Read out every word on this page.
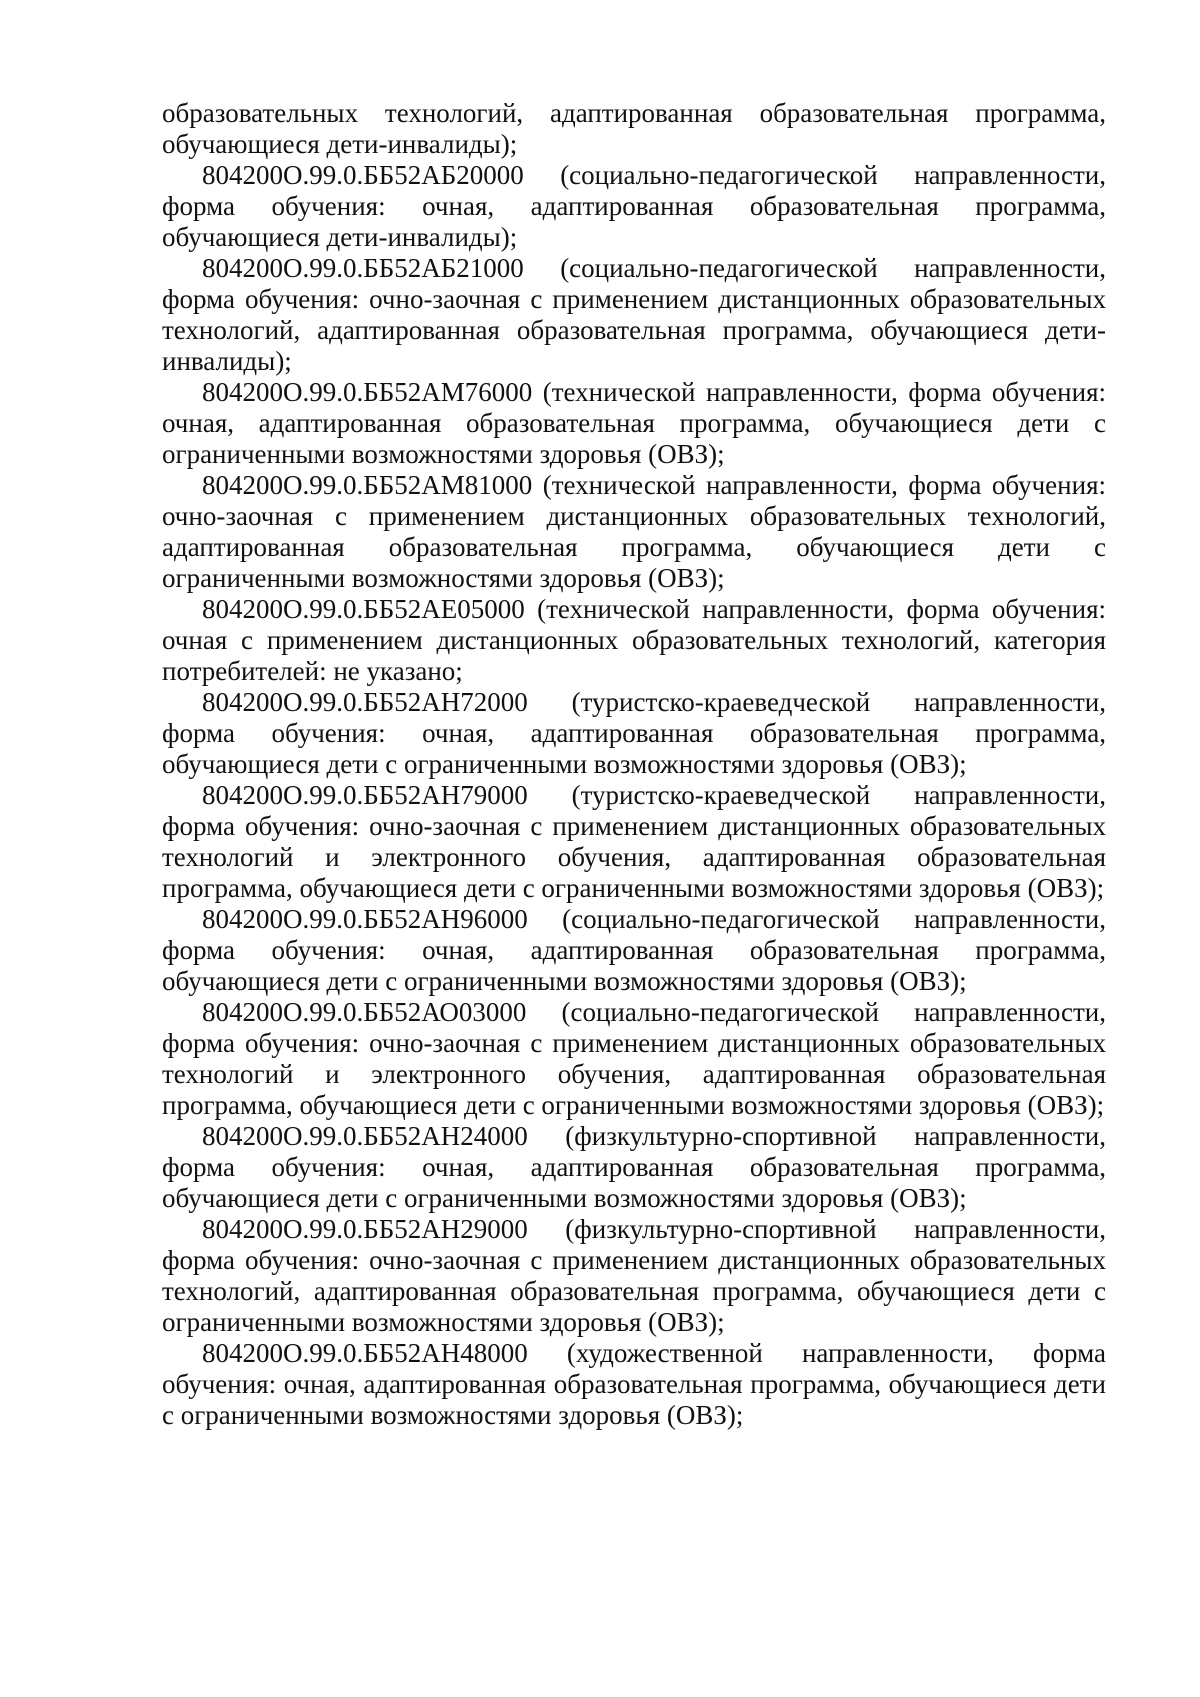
образовательных технологий, адаптированная образовательная программа, обучающиеся дети-инвалиды);

804200О.99.0.ББ52АБ20000 (социально-педагогической направленности, форма обучения: очная, адаптированная образовательная программа, обучающиеся дети-инвалиды);

804200О.99.0.ББ52АБ21000 (социально-педагогической направленности, форма обучения: очно-заочная с применением дистанционных образовательных технологий, адаптированная образовательная программа, обучающиеся дети-инвалиды);

804200О.99.0.ББ52АМ76000 (технической направленности, форма обучения: очная, адаптированная образовательная программа, обучающиеся дети с ограниченными возможностями здоровья (ОВЗ);

804200О.99.0.ББ52АМ81000 (технической направленности, форма обучения: очно-заочная с применением дистанционных образовательных технологий, адаптированная образовательная программа, обучающиеся дети с ограниченными возможностями здоровья (ОВЗ);

804200О.99.0.ББ52АЕ05000 (технической направленности, форма обучения: очная с применением дистанционных образовательных технологий, категория потребителей: не указано;

804200О.99.0.ББ52АН72000 (туристско-краеведческой направленности, форма обучения: очная, адаптированная образовательная программа, обучающиеся дети с ограниченными возможностями здоровья (ОВЗ);

804200О.99.0.ББ52АН79000 (туристско-краеведческой направленности, форма обучения: очно-заочная с применением дистанционных образовательных технологий и электронного обучения, адаптированная образовательная программа, обучающиеся дети с ограниченными возможностями здоровья (ОВЗ);

804200О.99.0.ББ52АН96000 (социально-педагогической направленности, форма обучения: очная, адаптированная образовательная программа, обучающиеся дети с ограниченными возможностями здоровья (ОВЗ);

804200О.99.0.ББ52АО03000 (социально-педагогической направленности, форма обучения: очно-заочная с применением дистанционных образовательных технологий и электронного обучения, адаптированная образовательная программа, обучающиеся дети с ограниченными возможностями здоровья (ОВЗ);

804200О.99.0.ББ52АН24000 (физкультурно-спортивной направленности, форма обучения: очная, адаптированная образовательная программа, обучающиеся дети с ограниченными возможностями здоровья (ОВЗ);

804200О.99.0.ББ52АН29000 (физкультурно-спортивной направленности, форма обучения: очно-заочная с применением дистанционных образовательных технологий, адаптированная образовательная программа, обучающиеся дети с ограниченными возможностями здоровья (ОВЗ);

804200О.99.0.ББ52АН48000 (художественной направленности, форма обучения: очная, адаптированная образовательная программа, обучающиеся дети с ограниченными возможностями здоровья (ОВЗ);
